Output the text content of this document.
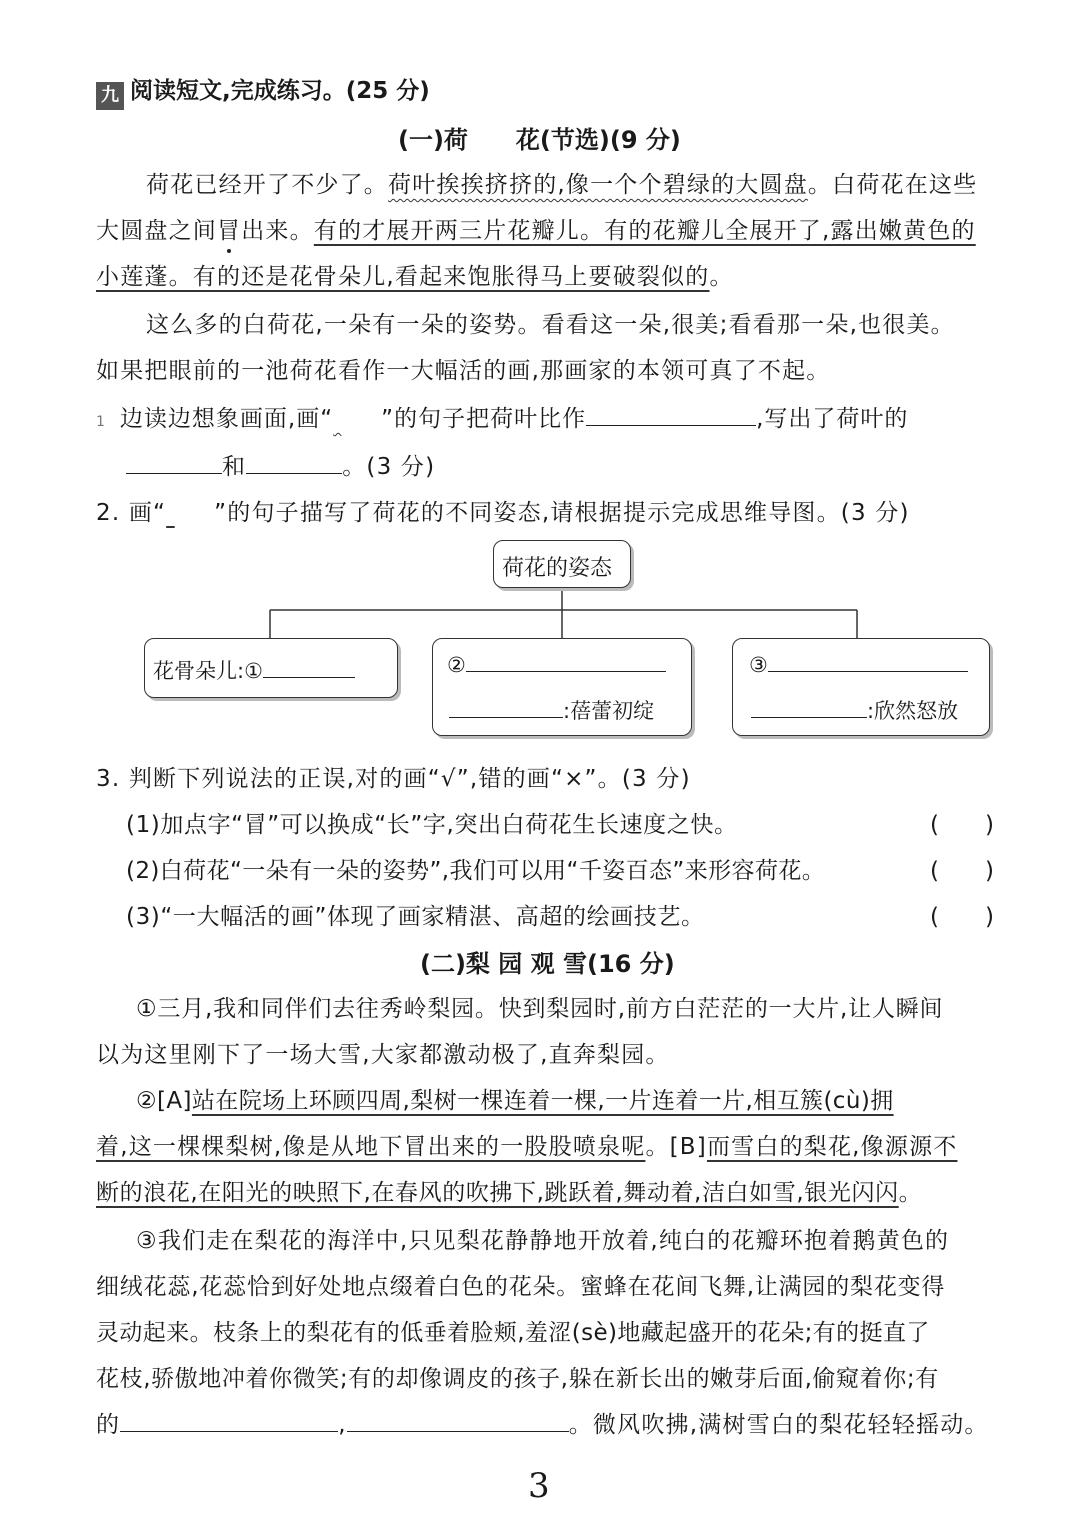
九 阅读短文,完成练习。(25 分)
(一)荷　　花(节选)(9 分)
荷花已经开了不少了。荷叶挨挨挤挤的,像一个个碧绿的大圆盘。白荷花在这些
大圆盘之间冒出来。有的才展开两三片花瓣儿。有的花瓣儿全展开了,露出嫩黄色的
小莲蓬。有的还是花骨朵儿,看起来饱胀得马上要破裂似的。
这么多的白荷花,一朵有一朵的姿势。看看这一朵,很美;看看那一朵,也很美。
如果把眼前的一池荷花看作一大幅活的画,那画家的本领可真了不起。
1 边读边想象画面,画“ ”的句子把荷叶比作	,写出了荷叶的
和	。(3 分)
2. 画“ ”的句子描写了荷花的不同姿态,请根据提示完成思维导图。(3 分)
荷花的姿态
花骨朵儿:①	②
:蓓蕾初绽
③
:欣然怒放
3. 判断下列说法的正误,对的画“√”,错的画“×”。(3 分)
(1)加点字“冒”可以换成“长”字,突出白荷花生长速度之快。	(　　)
(2)白荷花“一朵有一朵的姿势”,我们可以用“千姿百态”来形容荷花。	(　　)
(3)“一大幅活的画”体现了画家精湛、高超的绘画技艺。	(　　)
(二)梨 园 观 雪(16 分)
①三月,我和同伴们去往秀岭梨园。快到梨园时,前方白茫茫的一大片,让人瞬间
以为这里刚下了一场大雪,大家都激动极了,直奔梨园。
②[A]站在院场上环顾四周,梨树一棵连着一棵,一片连着一片,相互簇(cù)拥
着,这一棵棵梨树,像是从地下冒出来的一股股喷泉呢。[B]而雪白的梨花,像源源不
断的浪花,在阳光的映照下,在春风的吹拂下,跳跃着,舞动着,洁白如雪,银光闪闪。
③我们走在梨花的海洋中,只见梨花静静地开放着,纯白的花瓣环抱着鹅黄色的
细绒花蕊,花蕊恰到好处地点缀着白色的花朵。蜜蜂在花间飞舞,让满园的梨花变得
灵动起来。枝条上的梨花有的低垂着脸颊,羞涩(sè)地藏起盛开的花朵;有的挺直了
花枝,骄傲地冲着你微笑;有的却像调皮的孩子,躲在新长出的嫩芽后面,偷窥着你;有
的	,	。微风吹拂,满树雪白的梨花轻轻摇动。
3
